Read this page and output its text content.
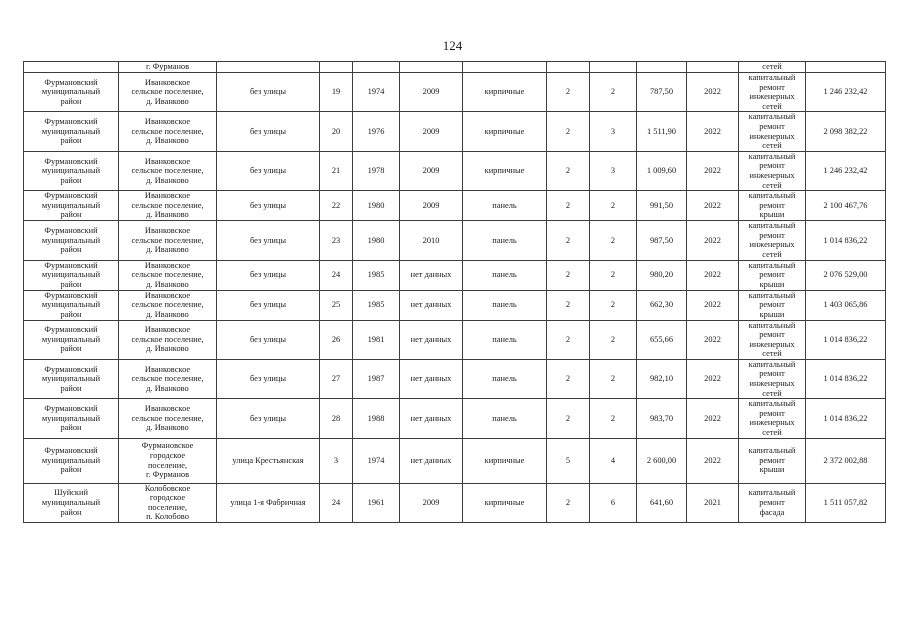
124
	г. Фурманов										сетей	
Фурмановский
муниципальный
район	Иванковское
сельское поселение,
д. Иванково	без улицы	19	1974	2009	кирпичные	2	2	787,50	2022	капитальный
ремонт
инженерных
сетей	1 246 232,42
Фурмановский
муниципальный
район	Иванковское
сельское поселение,
д. Иванково	без улицы	20	1976	2009	кирпичные	2	3	1 511,90	2022	капитальный
ремонт
инженерных
сетей	2 098 382,22
Фурмановский
муниципальный
район	Иванковское
сельское поселение,
д. Иванково	без улицы	21	1978	2009	кирпичные	2	3	1 009,60	2022	капитальный
ремонт
инженерных
сетей	1 246 232,42
Фурмановский
муниципальный
район	Иванковское
сельское поселение,
д. Иванково	без улицы	22	1980	2009	панель	2	2	991,50	2022	капитальный
ремонт
крыши	2 100 467,76
Фурмановский
муниципальный
район	Иванковское
сельское поселение,
д. Иванково	без улицы	23	1980	2010	панель	2	2	987,50	2022	капитальный
ремонт
инженерных
сетей	1 014 836,22
Фурмановский
муниципальный
район	Иванковское
сельское поселение,
д. Иванково	без улицы	24	1985	нет данных	панель	2	2	980,20	2022	капитальный
ремонт
крыши	2 076 529,00
Фурмановский
муниципальный
район	Иванковское
сельское поселение,
д. Иванково	без улицы	25	1985	нет данных	панель	2	2	662,30	2022	капитальный
ремонт
крыши	1 403 065,86
Фурмановский
муниципальный
район	Иванковское
сельское поселение,
д. Иванково	без улицы	26	1981	нет данных	панель	2	2	655,66	2022	капитальный
ремонт
инженерных
сетей	1 014 836,22
Фурмановский
муниципальный
район	Иванковское
сельское поселение,
д. Иванково	без улицы	27	1987	нет данных	панель	2	2	982,10	2022	капитальный
ремонт
инженерных
сетей	1 014 836,22
Фурмановский
муниципальный
район	Иванковское
сельское поселение,
д. Иванково	без улицы	28	1988	нет данных	панель	2	2	983,70	2022	капитальный
ремонт
инженерных
сетей	1 014 836,22
Фурмановский
муниципальный
район	Фурмановское
городское
поселение,
г. Фурманов	улица Крестьянская	3	1974	нет данных	кирпичные	5	4	2 600,00	2022	капитальный
ремонт
крыши	2 372 002,88
Шуйский
муниципальный
район	Колобовское
городское
поселение,
п. Колобово	улица 1-я Фабричная	24	1961	2009	кирпичные	2	6	641,60	2021	капитальный
ремонт
фасада	1 511 057,82
